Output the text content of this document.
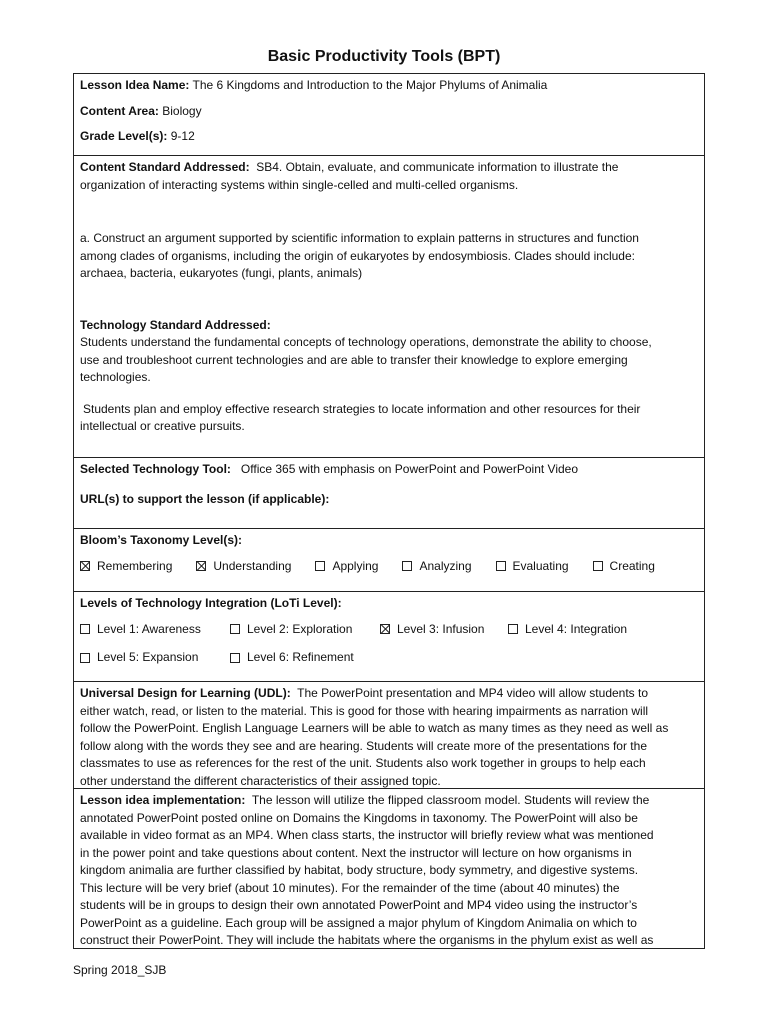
Basic Productivity Tools (BPT)

Lesson Idea Name: The 6 Kingdoms and Introduction to the Major Phylums of Animalia

Content Area: Biology

Grade Level(s): 9-12

Content Standard Addressed: SB4. Obtain, evaluate, and communicate information to illustrate the

organization of interacting systems within single-celled and multi-celled organisms.

a. Construct an argument supported by scientific information to explain patterns in structures and function

among clades of organisms, including the origin of eukaryotes by endosymbiosis. Clades should include:

archaea, bacteria, eukaryotes (fungi, plants, animals)

Technology Standard Addressed:

Students understand the fundamental concepts of technology operations, demonstrate the ability to choose,

use and troubleshoot current technologies and are able to transfer their knowledge to explore emerging

technologies.

Students plan and employ effective research strategies to locate information and other resources for their

intellectual or creative pursuits.

Selected Technology Tool: Office 365 with emphasis on PowerPoint and PowerPoint Video

URL(s) to support the lesson (if applicable):

Bloom’s Taxonomy Level(s):

Remembering	Understanding	Applying	Analyzing	Evaluating	Creating

Levels of Technology Integration (LoTi Level):

Level 1: Awareness	Level 2: Exploration	Level 3: Infusion	Level 4: Integration
Level 5: Expansion	Level 6: Refinement

Universal Design for Learning (UDL): The PowerPoint presentation and MP4 video will allow students to

either watch, read, or listen to the material. This is good for those with hearing impairments as narration will

follow the PowerPoint. English Language Learners will be able to watch as many times as they need as well as

follow along with the words they see and are hearing. Students will create more of the presentations for the

classmates to use as references for the rest of the unit. Students also work together in groups to help each

other understand the different characteristics of their assigned topic.

Lesson idea implementation: The lesson will utilize the flipped classroom model. Students will review the

annotated PowerPoint posted online on Domains the Kingdoms in taxonomy. The PowerPoint will also be

available in video format as an MP4. When class starts, the instructor will briefly review what was mentioned

in the power point and take questions about content. Next the instructor will lecture on how organisms in

kingdom animalia are further classified by habitat, body structure, body symmetry, and digestive systems.

This lecture will be very brief (about 10 minutes). For the remainder of the time (about 40 minutes) the

students will be in groups to design their own annotated PowerPoint and MP4 video using the instructor’s

PowerPoint as a guideline. Each group will be assigned a major phylum of Kingdom Animalia on which to

construct their PowerPoint. They will include the habitats where the organisms in the phylum exist as well as

Spring 2018_SJB
